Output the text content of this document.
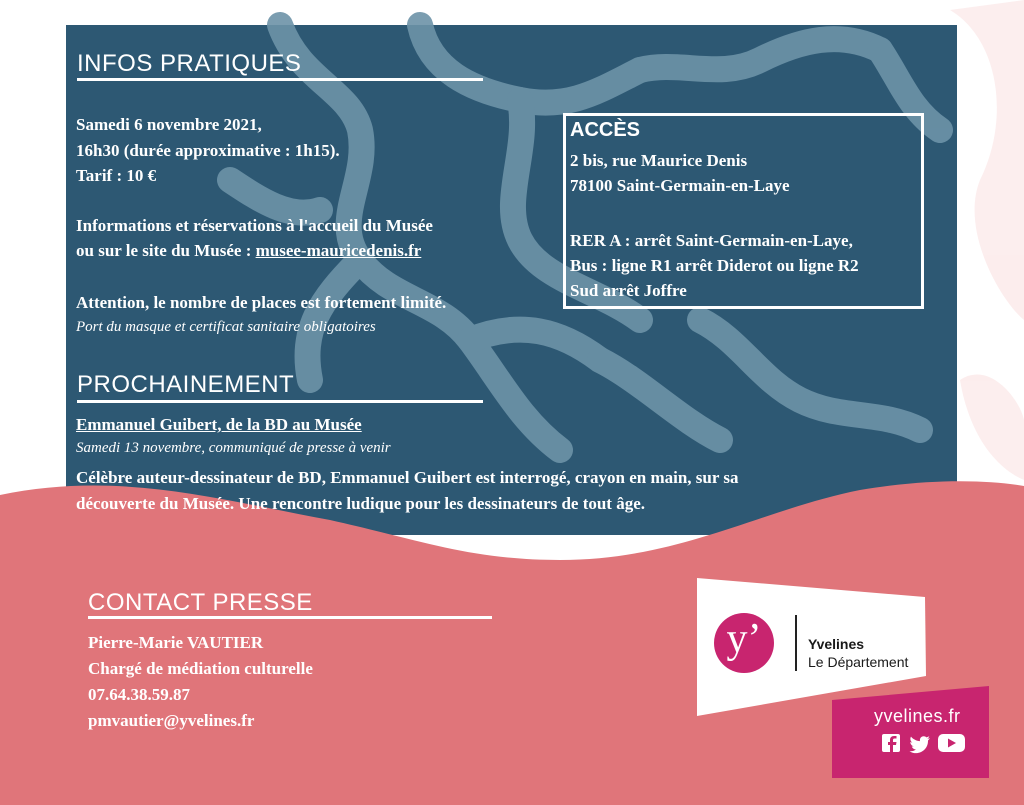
INFOS PRATIQUES
Samedi 6 novembre 2021,
16h30 (durée approximative : 1h15).
Tarif : 10 €
Informations et réservations à l'accueil du Musée
ou sur le site du Musée : musee-mauricedenis.fr
Attention, le nombre de places est fortement limité.
Port du masque et certificat sanitaire obligatoires
ACCÈS
2 bis, rue Maurice Denis
78100 Saint-Germain-en-Laye
RER A : arrêt Saint-Germain-en-Laye,
Bus : ligne R1 arrêt Diderot ou ligne R2
Sud arrêt Joffre
PROCHAINEMENT
Emmanuel Guibert, de la BD au Musée
Samedi 13 novembre, communiqué de presse à venir
Célèbre auteur-dessinateur de BD, Emmanuel Guibert est interrogé, crayon en main, sur sa
découverte du Musée. Une rencontre ludique pour les dessinateurs de tout âge.
CONTACT PRESSE
Pierre-Marie VAUTIER
Chargé de médiation culturelle
07.64.38.59.87
pmvautier@yvelines.fr
y’	Yvelines
Le Département
yvelines.fr
